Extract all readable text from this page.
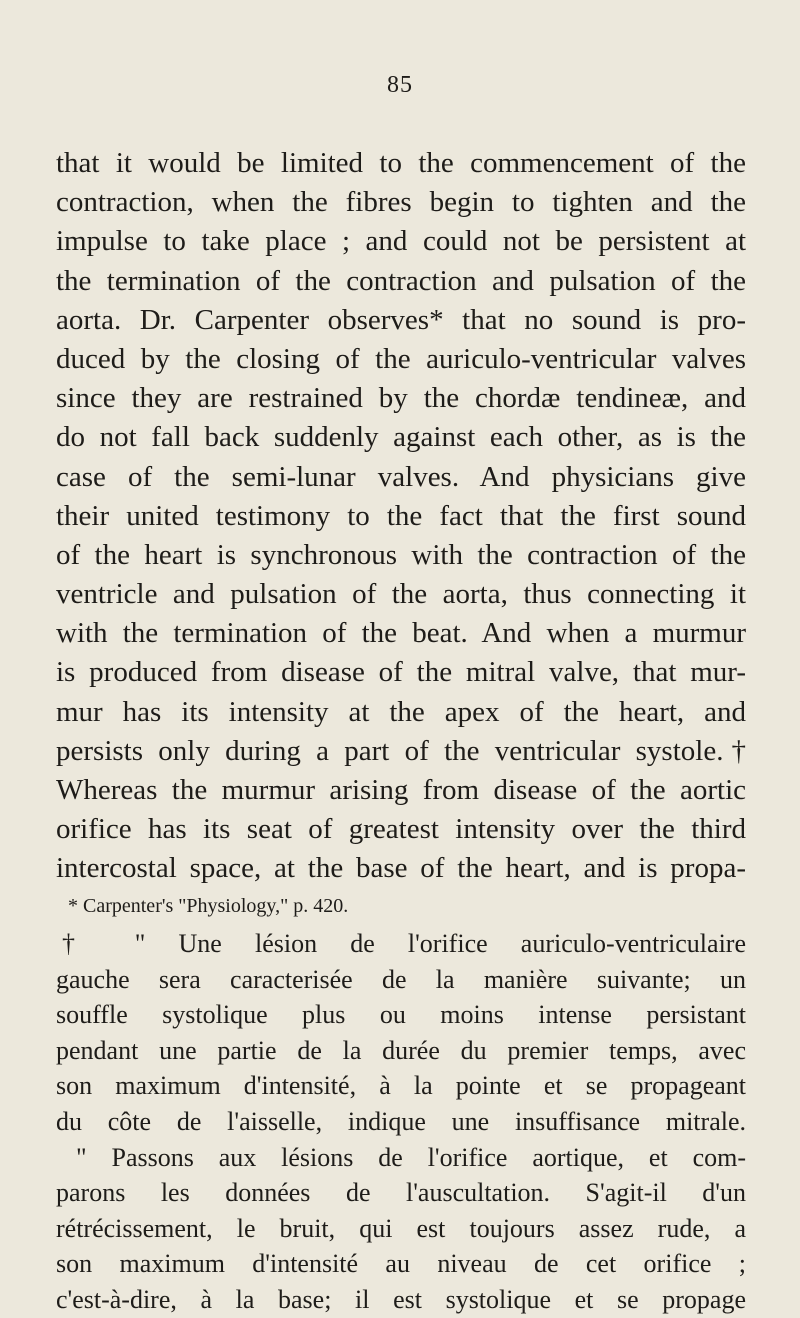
85
that it would be limited to the commencement of the
contraction, when the fibres begin to tighten and the
impulse to take place ; and could not be persistent at
the termination of the contraction and pulsation of the
aorta. Dr. Carpenter observes* that no sound is pro-
duced by the closing of the auriculo-ventricular valves
since they are restrained by the chordæ tendineæ, and
do not fall back suddenly against each other, as is the
case of the semi-lunar valves. And physicians give
their united testimony to the fact that the first sound
of the heart is synchronous with the contraction of the
ventricle and pulsation of the aorta, thus connecting it
with the termination of the beat. And when a murmur
is produced from disease of the mitral valve, that mur-
mur has its intensity at the apex of the heart, and
persists only during a part of the ventricular systole.†
Whereas the murmur arising from disease of the aortic
orifice has its seat of greatest intensity over the third
intercostal space, at the base of the heart, and is propa-
* Carpenter's "Physiology," p. 420.
† " Une lésion de l'orifice auriculo-ventriculaire
gauche sera caracterisée de la manière suivante; un
souffle systolique plus ou moins intense persistant
pendant une partie de la durée du premier temps, avec
son maximum d'intensité, à la pointe et se propageant
du côte de l'aisselle, indique une insuffisance mitrale.
" Passons aux lésions de l'orifice aortique, et com-
parons les données de l'auscultation. S'agit-il d'un
rétrécissement, le bruit, qui est toujours assez rude, a
son maximum d'intensité au niveau de cet orifice ;
c'est-à-dire, à la base; il est systolique et se propage
